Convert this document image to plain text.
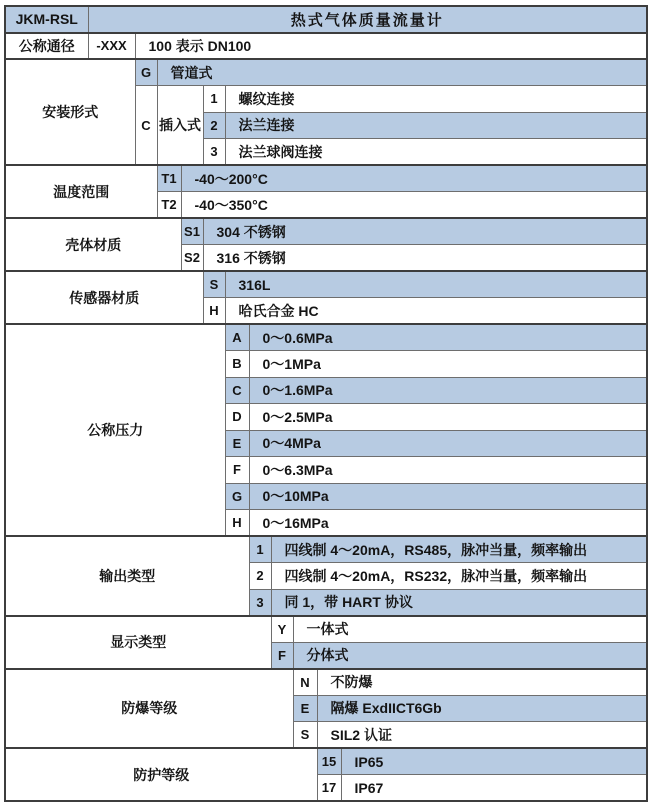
JKM-RSL	热式气体质量流量计										
公称通径	-XXX	100 表示 DN100									
安装形式		G	管道式								
		C	插入式		1	螺纹连接					
					2	法兰连接					
					3	法兰球阀连接					
温度范围			T1	-40～200°C							
			T2	-40～350°C							
壳体材质				S1	304 不锈钢						
				S2	316 不锈钢						
传感器材质					S	316L					
					H	哈氏合金 HC					
公称压力						A	0～0.6MPa				
						B	0～1MPa				
						C	0～1.6MPa				
						D	0～2.5MPa				
						E	0～4MPa				
						F	0～6.3MPa				
						G	0～10MPa				
						H	0～16MPa				
输出类型							1	四线制 4～20mA，RS485，脉冲当量，频率输出			
							2	四线制 4～20mA，RS232，脉冲当量，频率输出			
							3	同 1，带 HART 协议			
显示类型								Y	一体式		
								F	分体式		
防爆等级									N	不防爆	
									E	隔爆 ExdIICT6Gb	
									S	SIL2 认证	
防护等级										15	IP65
										17	IP67
